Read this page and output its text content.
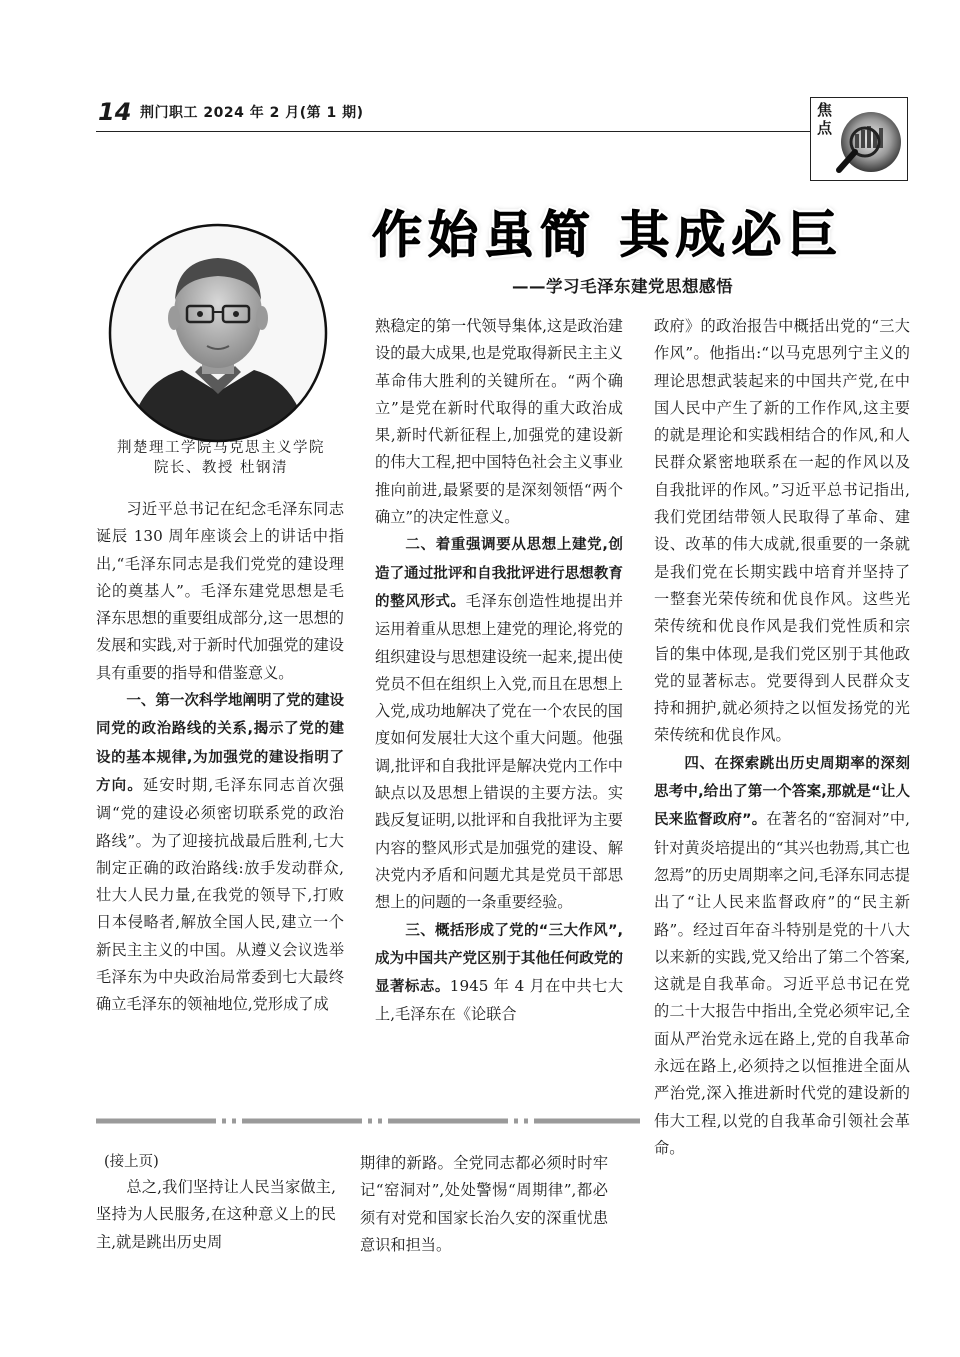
14 荆门职工 2024 年 2 月(第 1 期)	焦点
荆楚理工学院马克思主义学院
院长、教授 杜钢清
作始虽简 其成必巨
——学习毛泽东建党思想感悟

习近平总书记在纪念毛泽东同志诞辰 130 周年座谈会上的讲话中指出,“毛泽东同志是我们党党的建设理论的奠基人”。毛泽东建党思想是毛泽东思想的重要组成部分,这一思想的发展和实践,对于新时代加强党的建设具有重要的指导和借鉴意义。

一、第一次科学地阐明了党的建设同党的政治路线的关系,揭示了党的建设的基本规律,为加强党的建设指明了方向。延安时期,毛泽东同志首次强调“党的建设必须密切联系党的政治路线”。为了迎接抗战最后胜利,七大制定正确的政治路线:放手发动群众,壮大人民力量,在我党的领导下,打败日本侵略者,解放全国人民,建立一个新民主主义的中国。从遵义会议选举毛泽东为中央政治局常委到七大最终确立毛泽东的领袖地位,党形成了成

熟稳定的第一代领导集体,这是政治建设的最大成果,也是党取得新民主主义革命伟大胜利的关键所在。“两个确立”是党在新时代取得的重大政治成果,新时代新征程上,加强党的建设新的伟大工程,把中国特色社会主义事业推向前进,最紧要的是深刻领悟“两个确立”的决定性意义。

二、着重强调要从思想上建党,创造了通过批评和自我批评进行思想教育的整风形式。毛泽东创造性地提出并运用着重从思想上建党的理论,将党的组织建设与思想建设统一起来,提出使党员不但在组织上入党,而且在思想上入党,成功地解决了党在一个农民的国度如何发展壮大这个重大问题。他强调,批评和自我批评是解决党内工作中缺点以及思想上错误的主要方法。实践反复证明,以批评和自我批评为主要内容的整风形式是加强党的建设、解决党内矛盾和问题尤其是党员干部思想上的问题的一条重要经验。

三、概括形成了党的“三大作风”,成为中国共产党区别于其他任何政党的显著标志。1945 年 4 月在中共七大上,毛泽东在《论联合

政府》的政治报告中概括出党的“三大作风”。他指出:“以马克思列宁主义的理论思想武装起来的中国共产党,在中国人民中产生了新的工作作风,这主要的就是理论和实践相结合的作风,和人民群众紧密地联系在一起的作风以及自我批评的作风。”习近平总书记指出,我们党团结带领人民取得了革命、建设、改革的伟大成就,很重要的一条就是我们党在长期实践中培育并坚持了一整套光荣传统和优良作风。这些光荣传统和优良作风是我们党性质和宗旨的集中体现,是我们党区别于其他政党的显著标志。党要得到人民群众支持和拥护,就必须持之以恒发扬党的光荣传统和优良作风。

四、在探索跳出历史周期率的深刻思考中,给出了第一个答案,那就是“让人民来监督政府”。在著名的“窑洞对”中,针对黄炎培提出的“其兴也勃焉,其亡也忽焉”的历史周期率之问,毛泽东同志提出了“让人民来监督政府”的“民主新路”。经过百年奋斗特别是党的十八大以来新的实践,党又给出了第二个答案,这就是自我革命。习近平总书记在党的二十大报告中指出,全党必须牢记,全面从严治党永远在路上,党的自我革命永远在路上,必须持之以恒推进全面从严治党,深入推进新时代党的建设新的伟大工程,以党的自我革命引领社会革命。

(接上页)

总之,我们坚持让人民当家做主,坚持为人民服务,在这种意义上的民主,就是跳出历史周

期律的新路。全党同志都必须时时牢记“窑洞对”,处处警惕“周期律”,都必须有对党和国家长治久安的深重忧患意识和担当。
